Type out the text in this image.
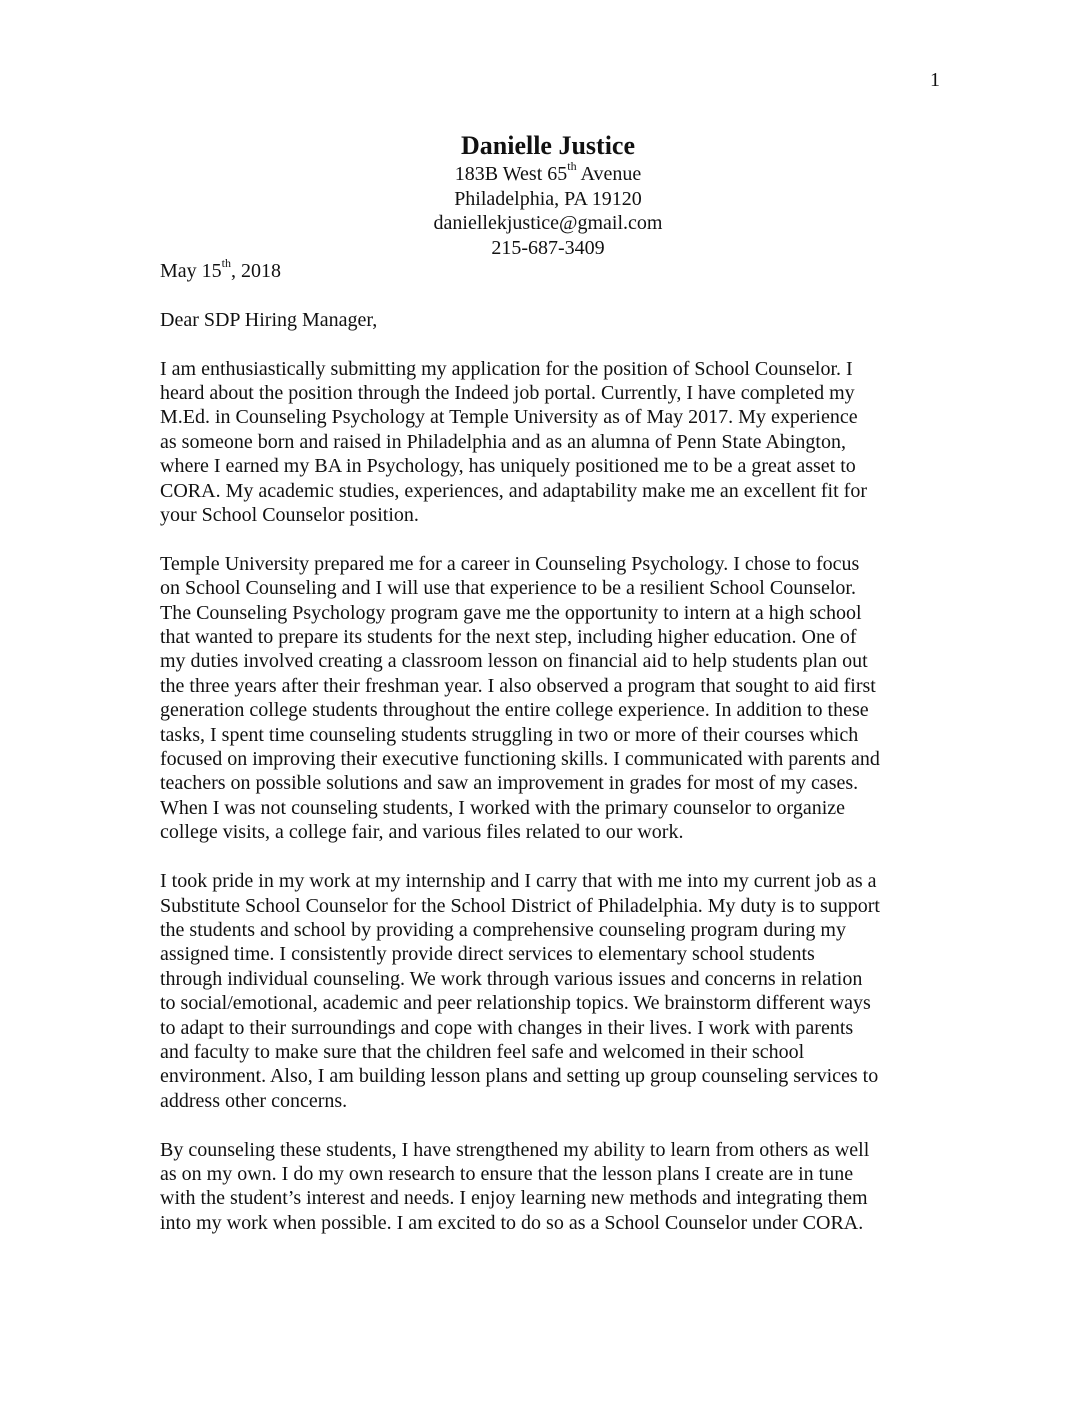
1
Danielle Justice
183B West 65th Avenue
Philadelphia, PA 19120
daniellekjustice@gmail.com
215-687-3409

May 15th, 2018

Dear SDP Hiring Manager,

I am enthusiastically submitting my application for the position of School Counselor. I
heard about the position through the Indeed job portal. Currently, I have completed my
M.Ed. in Counseling Psychology at Temple University as of May 2017. My experience
as someone born and raised in Philadelphia and as an alumna of Penn State Abington,
where I earned my BA in Psychology, has uniquely positioned me to be a great asset to
CORA. My academic studies, experiences, and adaptability make me an excellent fit for
your School Counselor position.

Temple University prepared me for a career in Counseling Psychology. I chose to focus
on School Counseling and I will use that experience to be a resilient School Counselor.
The Counseling Psychology program gave me the opportunity to intern at a high school
that wanted to prepare its students for the next step, including higher education. One of
my duties involved creating a classroom lesson on financial aid to help students plan out
the three years after their freshman year. I also observed a program that sought to aid first
generation college students throughout the entire college experience. In addition to these
tasks, I spent time counseling students struggling in two or more of their courses which
focused on improving their executive functioning skills. I communicated with parents and
teachers on possible solutions and saw an improvement in grades for most of my cases.
When I was not counseling students, I worked with the primary counselor to organize
college visits, a college fair, and various files related to our work.

I took pride in my work at my internship and I carry that with me into my current job as a
Substitute School Counselor for the School District of Philadelphia. My duty is to support
the students and school by providing a comprehensive counseling program during my
assigned time. I consistently provide direct services to elementary school students
through individual counseling. We work through various issues and concerns in relation
to social/emotional, academic and peer relationship topics. We brainstorm different ways
to adapt to their surroundings and cope with changes in their lives. I work with parents
and faculty to make sure that the children feel safe and welcomed in their school
environment. Also, I am building lesson plans and setting up group counseling services to
address other concerns.

By counseling these students, I have strengthened my ability to learn from others as well
as on my own. I do my own research to ensure that the lesson plans I create are in tune
with the student’s interest and needs. I enjoy learning new methods and integrating them
into my work when possible. I am excited to do so as a School Counselor under CORA.
